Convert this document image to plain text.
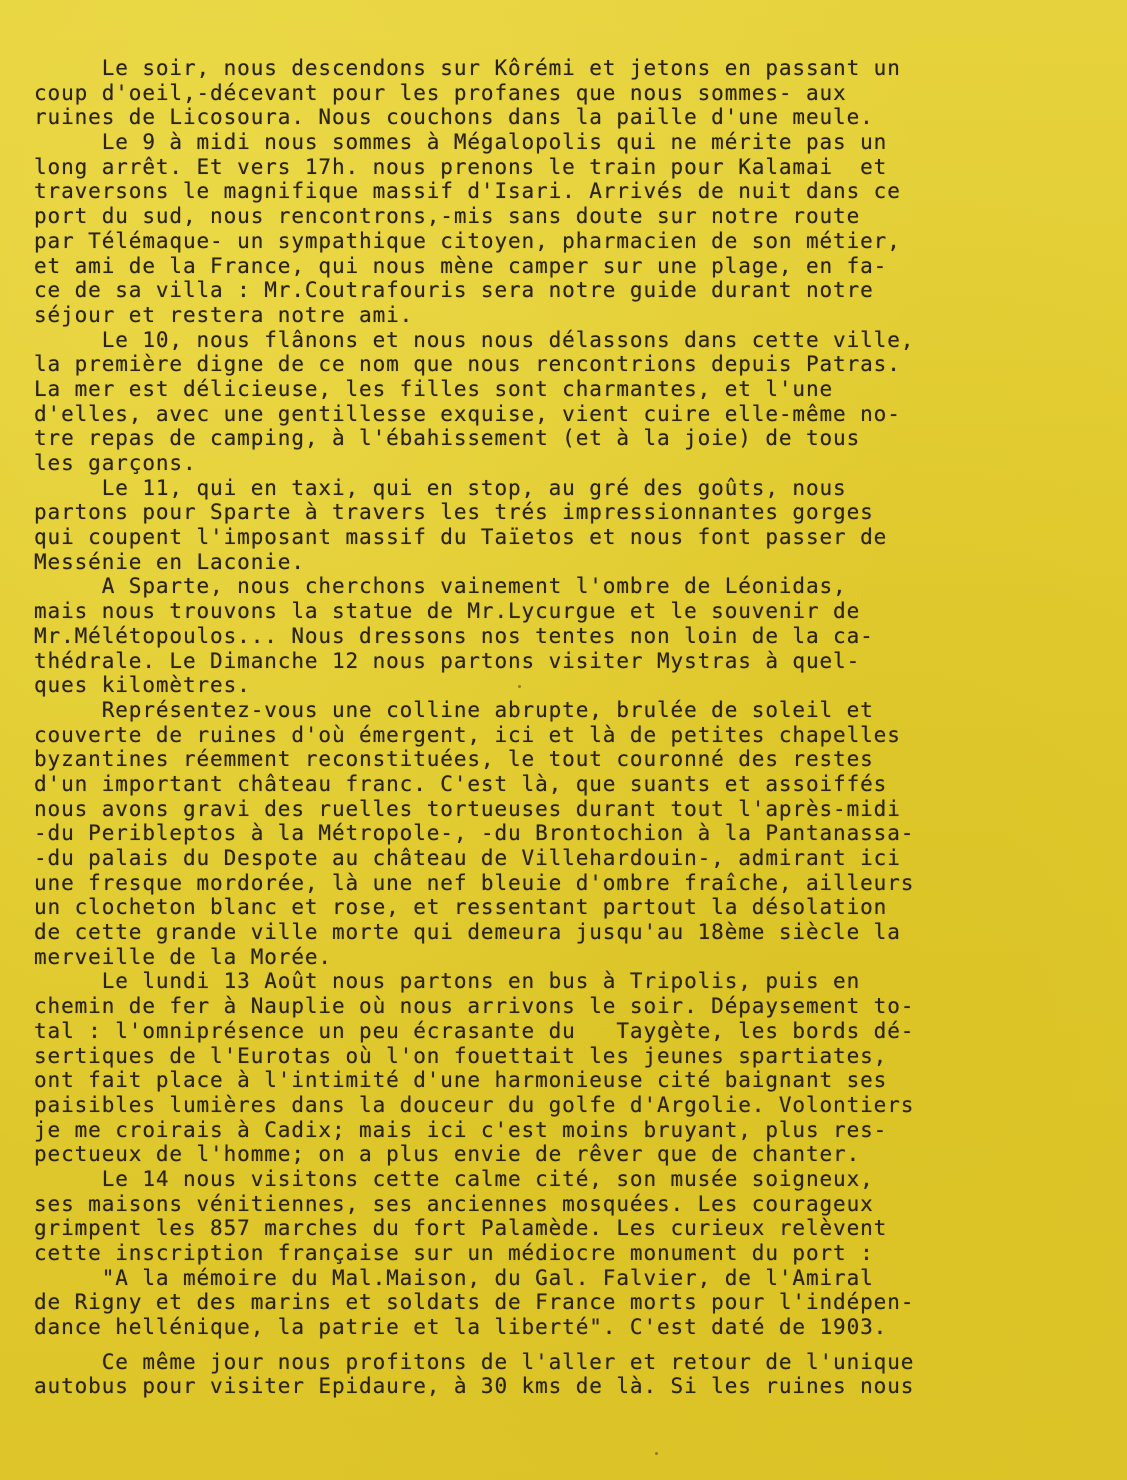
Le soir, nous descendons sur Kôrémi et jetons en passant un
coup d'oeil,-décevant pour les profanes que nous sommes- aux
ruines de Licosoura. Nous couchons dans la paille d'une meule.
Le 9 à midi nous sommes à Mégalopolis qui ne mérite pas un
long arrêt. Et vers 17h. nous prenons le train pour Kalamai  et
traversons le magnifique massif d'Isari. Arrivés de nuit dans ce
port du sud, nous rencontrons,-mis sans doute sur notre route
par Télémaque- un sympathique citoyen, pharmacien de son métier,
et ami de la France, qui nous mène camper sur une plage, en fa-
ce de sa villa : Mr.Coutrafouris sera notre guide durant notre
séjour et restera notre ami.
Le 10, nous flânons et nous nous délassons dans cette ville,
la première digne de ce nom que nous rencontrions depuis Patras.
La mer est délicieuse, les filles sont charmantes, et l'une
d'elles, avec une gentillesse exquise, vient cuire elle-même no-
tre repas de camping, à l'ébahissement (et à la joie) de tous
les garçons.
Le 11, qui en taxi, qui en stop, au gré des goûts, nous
partons pour Sparte à travers les trés impressionnantes gorges
qui coupent l'imposant massif du Taïetos et nous font passer de
Messénie en Laconie.
A Sparte, nous cherchons vainement l'ombre de Léonidas,
mais nous trouvons la statue de Mr.Lycurgue et le souvenir de
Mr.Mélétopoulos... Nous dressons nos tentes non loin de la ca-
thédrale. Le Dimanche 12 nous partons visiter Mystras à quel-
ques kilomètres.
Représentez-vous une colline abrupte, brulée de soleil et
couverte de ruines d'où émergent, ici et là de petites chapelles
byzantines réemment reconstituées, le tout couronné des restes
d'un important château franc. C'est là, que suants et assoiffés
nous avons gravi des ruelles tortueuses durant tout l'après-midi
-du Peribleptos à la Métropole-, -du Brontochion à la Pantanassa-
-du palais du Despote au château de Villehardouin-, admirant ici
une fresque mordorée, là une nef bleuie d'ombre fraîche, ailleurs
un clocheton blanc et rose, et ressentant partout la désolation
de cette grande ville morte qui demeura jusqu'au 18ème siècle la
merveille de la Morée.
Le lundi 13 Août nous partons en bus à Tripolis, puis en
chemin de fer à Nauplie où nous arrivons le soir. Dépaysement to-
tal : l'omniprésence un peu écrasante du   Taygète, les bords dé-
sertiques de l'Eurotas où l'on fouettait les jeunes spartiates,
ont fait place à l'intimité d'une harmonieuse cité baignant ses
paisibles lumières dans la douceur du golfe d'Argolie. Volontiers
je me croirais à Cadix; mais ici c'est moins bruyant, plus res-
pectueux de l'homme; on a plus envie de rêver que de chanter.
Le 14 nous visitons cette calme cité, son musée soigneux,
ses maisons vénitiennes, ses anciennes mosquées. Les courageux
grimpent les 857 marches du fort Palamède. Les curieux relèvent
cette inscription française sur un médiocre monument du port :
"A la mémoire du Mal.Maison, du Gal. Falvier, de l'Amiral
de Rigny et des marins et soldats de France morts pour l'indépen-
dance hellénique, la patrie et la liberté". C'est daté de 1903.
Ce même jour nous profitons de l'aller et retour de l'unique
autobus pour visiter Epidaure, à 30 kms de là. Si les ruines nous
